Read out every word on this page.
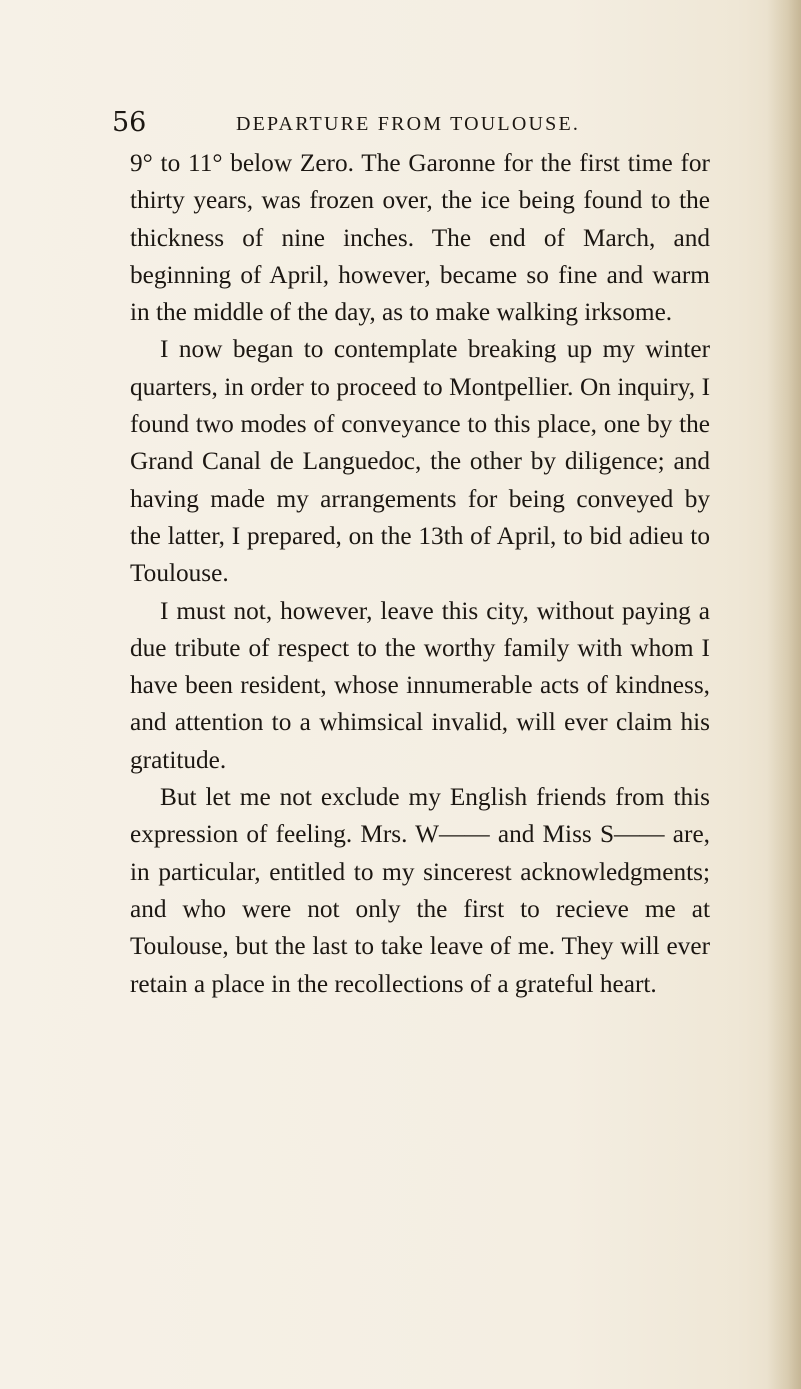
56	DEPARTURE FROM TOULOUSE.

9° to 11° below Zero. The Garonne for the first time for thirty years, was frozen over, the ice being found to the thickness of nine inches. The end of March, and beginning of April, however, became so fine and warm in the middle of the day, as to make walking irksome.

I now began to contemplate breaking up my winter quarters, in order to proceed to Montpellier. On inquiry, I found two modes of conveyance to this place, one by the Grand Canal de Languedoc, the other by diligence; and having made my arrangements for being conveyed by the latter, I prepared, on the 13th of April, to bid adieu to Toulouse.

I must not, however, leave this city, without paying a due tribute of respect to the worthy family with whom I have been resident, whose innumerable acts of kindness, and attention to a whimsical invalid, will ever claim his gratitude.

But let me not exclude my English friends from this expression of feeling. Mrs. W—— and Miss S—— are, in particular, entitled to my sincerest acknowledgments; and who were not only the first to recieve me at Toulouse, but the last to take leave of me. They will ever retain a place in the recollections of a grateful heart.
